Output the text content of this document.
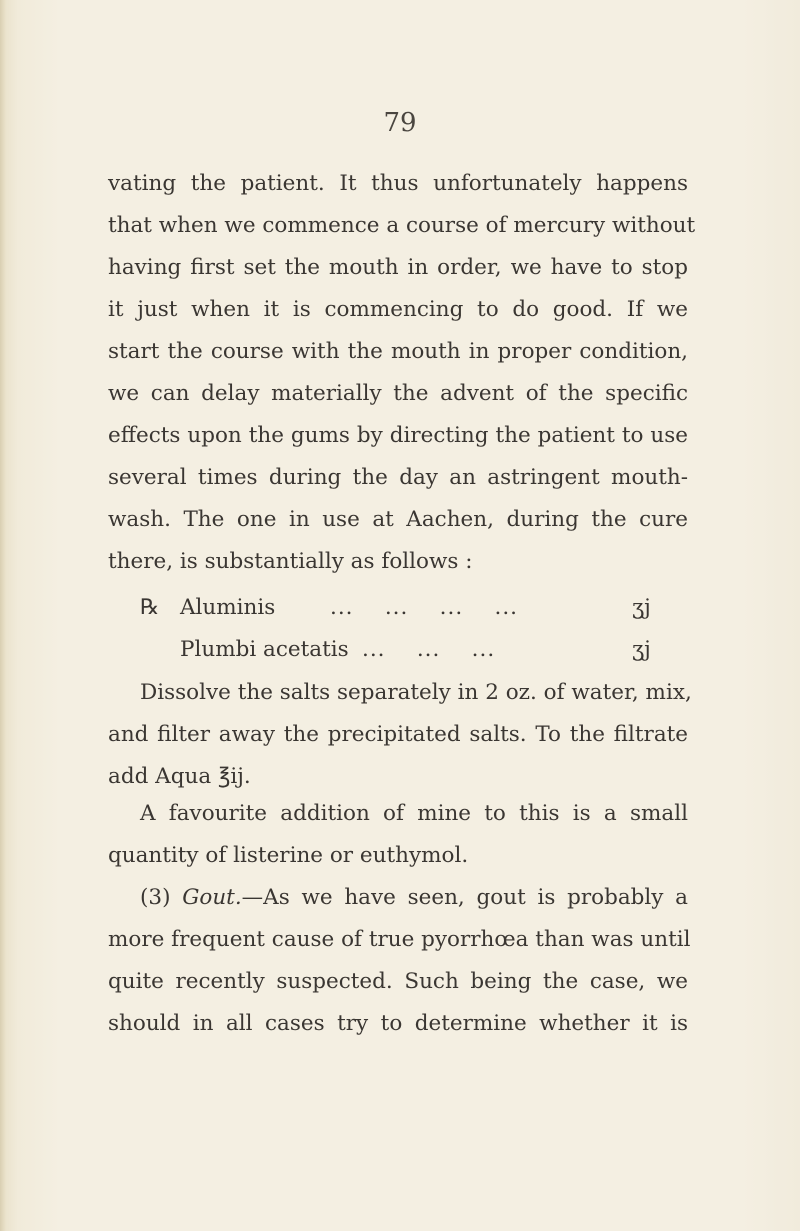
79
vating the patient. It thus unfortunately happens
that when we commence a course of mercury without
having first set the mouth in order, we have to stop
it just when it is commencing to do good. If we
start the course with the mouth in proper condition,
we can delay materially the advent of the specific
effects upon the gums by directing the patient to use
several times during the day an astringent mouth-
wash. The one in use at Aachen, during the cure
there, is substantially as follows :
℞ Aluminis	...    ...    ...    ...	ʒj
Plumbi acetatis ...    ...    ...	ʒj
Dissolve the salts separately in 2 oz. of water, mix,
and filter away the precipitated salts. To the filtrate
add Aqua ℥ij.
A favourite addition of mine to this is a small
quantity of listerine or euthymol.
(3) Gout.—As we have seen, gout is probably a
more frequent cause of true pyorrhœa than was until
quite recently suspected. Such being the case, we
should in all cases try to determine whether it is
